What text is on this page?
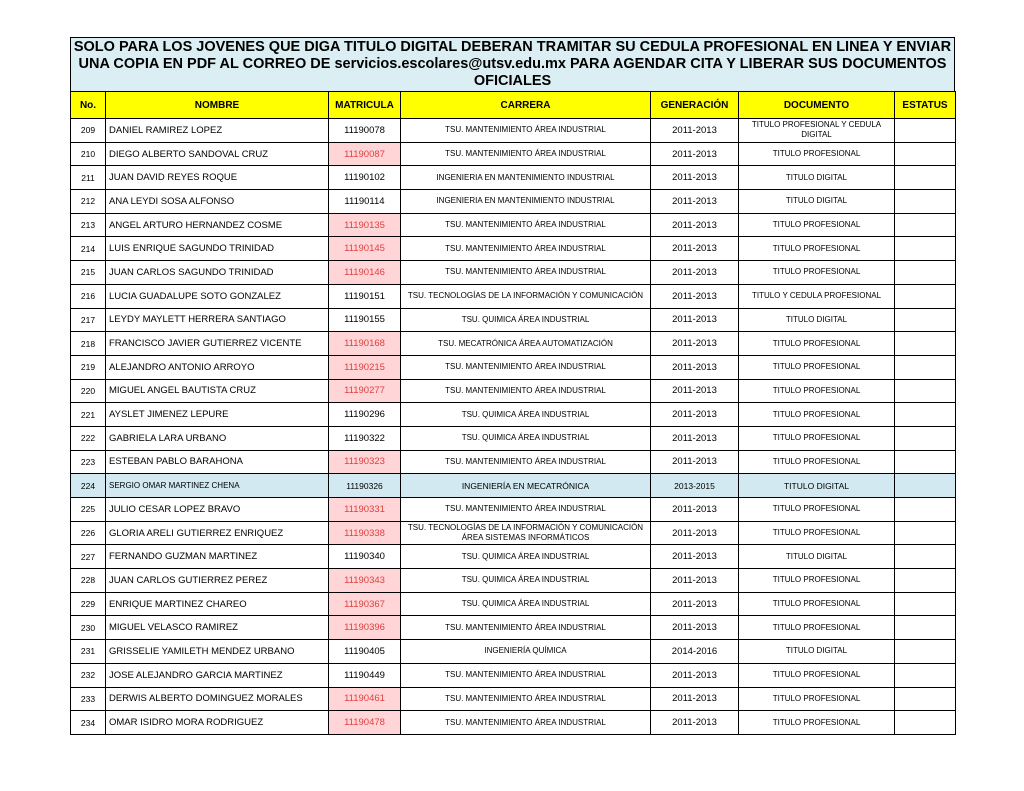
SOLO PARA LOS JOVENES QUE DIGA TITULO DIGITAL DEBERAN TRAMITAR SU CEDULA PROFESIONAL EN LINEA Y ENVIAR UNA COPIA EN PDF AL CORREO DE servicios.escolares@utsv.edu.mx PARA AGENDAR CITA Y LIBERAR SUS DOCUMENTOS OFICIALES
No.	NOMBRE	MATRICULA	CARRERA	GENERACIÓN	DOCUMENTO	ESTATUS
209	DANIEL RAMIREZ LOPEZ	11190078	TSU. MANTENIMIENTO ÁREA INDUSTRIAL	2011-2013	TITULO PROFESIONAL Y CEDULA DIGITAL	
210	DIEGO ALBERTO SANDOVAL CRUZ	11190087	TSU. MANTENIMIENTO ÁREA INDUSTRIAL	2011-2013	TITULO PROFESIONAL	
211	JUAN DAVID REYES ROQUE	11190102	INGENIERIA EN MANTENIMIENTO INDUSTRIAL	2011-2013	TITULO DIGITAL	
212	ANA LEYDI SOSA ALFONSO	11190114	INGENIERIA EN MANTENIMIENTO INDUSTRIAL	2011-2013	TITULO DIGITAL	
213	ANGEL ARTURO HERNANDEZ COSME	11190135	TSU. MANTENIMIENTO ÁREA INDUSTRIAL	2011-2013	TITULO PROFESIONAL	
214	LUIS ENRIQUE SAGUNDO TRINIDAD	11190145	TSU. MANTENIMIENTO ÁREA INDUSTRIAL	2011-2013	TITULO PROFESIONAL	
215	JUAN CARLOS SAGUNDO TRINIDAD	11190146	TSU. MANTENIMIENTO ÁREA INDUSTRIAL	2011-2013	TITULO PROFESIONAL	
216	LUCIA GUADALUPE SOTO GONZALEZ	11190151	TSU. TECNOLOGÍAS DE LA INFORMACIÓN Y COMUNICACIÓN	2011-2013	TITULO Y CEDULA PROFESIONAL	
217	LEYDY MAYLETT HERRERA SANTIAGO	11190155	TSU. QUIMICA ÁREA INDUSTRIAL	2011-2013	TITULO DIGITAL	
218	FRANCISCO JAVIER GUTIERREZ VICENTE	11190168	TSU. MECATRÓNICA ÁREA AUTOMATIZACIÓN	2011-2013	TITULO PROFESIONAL	
219	ALEJANDRO ANTONIO ARROYO	11190215	TSU. MANTENIMIENTO ÁREA INDUSTRIAL	2011-2013	TITULO PROFESIONAL	
220	MIGUEL ANGEL BAUTISTA CRUZ	11190277	TSU. MANTENIMIENTO ÁREA INDUSTRIAL	2011-2013	TITULO PROFESIONAL	
221	AYSLET JIMENEZ LEPURE	11190296	TSU. QUIMICA ÁREA INDUSTRIAL	2011-2013	TITULO PROFESIONAL	
222	GABRIELA LARA URBANO	11190322	TSU. QUIMICA ÁREA INDUSTRIAL	2011-2013	TITULO PROFESIONAL	
223	ESTEBAN PABLO BARAHONA	11190323	TSU. MANTENIMIENTO ÁREA INDUSTRIAL	2011-2013	TITULO PROFESIONAL	
224	SERGIO OMAR MARTINEZ CHENA	11190326	INGENIERÍA EN MECATRÓNICA	2013-2015	TITULO DIGITAL	
225	JULIO CESAR LOPEZ BRAVO	11190331	TSU. MANTENIMIENTO ÁREA INDUSTRIAL	2011-2013	TITULO PROFESIONAL	
226	GLORIA ARELI GUTIERREZ ENRIQUEZ	11190338	TSU. TECNOLOGÍAS DE LA INFORMACIÓN Y COMUNICACIÓN ÁREA SISTEMAS INFORMÁTICOS	2011-2013	TITULO PROFESIONAL	
227	FERNANDO GUZMAN MARTINEZ	11190340	TSU. QUIMICA ÁREA INDUSTRIAL	2011-2013	TITULO DIGITAL	
228	JUAN CARLOS GUTIERREZ PEREZ	11190343	TSU. QUIMICA ÁREA INDUSTRIAL	2011-2013	TITULO PROFESIONAL	
229	ENRIQUE MARTINEZ CHAREO	11190367	TSU. QUIMICA ÁREA INDUSTRIAL	2011-2013	TITULO PROFESIONAL	
230	MIGUEL VELASCO RAMIREZ	11190396	TSU. MANTENIMIENTO ÁREA INDUSTRIAL	2011-2013	TITULO PROFESIONAL	
231	GRISSELIE YAMILETH MENDEZ URBANO	11190405	INGENIERÍA QUÍMICA	2014-2016	TITULO DIGITAL	
232	JOSE ALEJANDRO GARCIA MARTINEZ	11190449	TSU. MANTENIMIENTO ÁREA INDUSTRIAL	2011-2013	TITULO PROFESIONAL	
233	DERWIS ALBERTO DOMINGUEZ MORALES	11190461	TSU. MANTENIMIENTO ÁREA INDUSTRIAL	2011-2013	TITULO PROFESIONAL	
234	OMAR ISIDRO MORA RODRIGUEZ	11190478	TSU. MANTENIMIENTO ÁREA INDUSTRIAL	2011-2013	TITULO PROFESIONAL	
